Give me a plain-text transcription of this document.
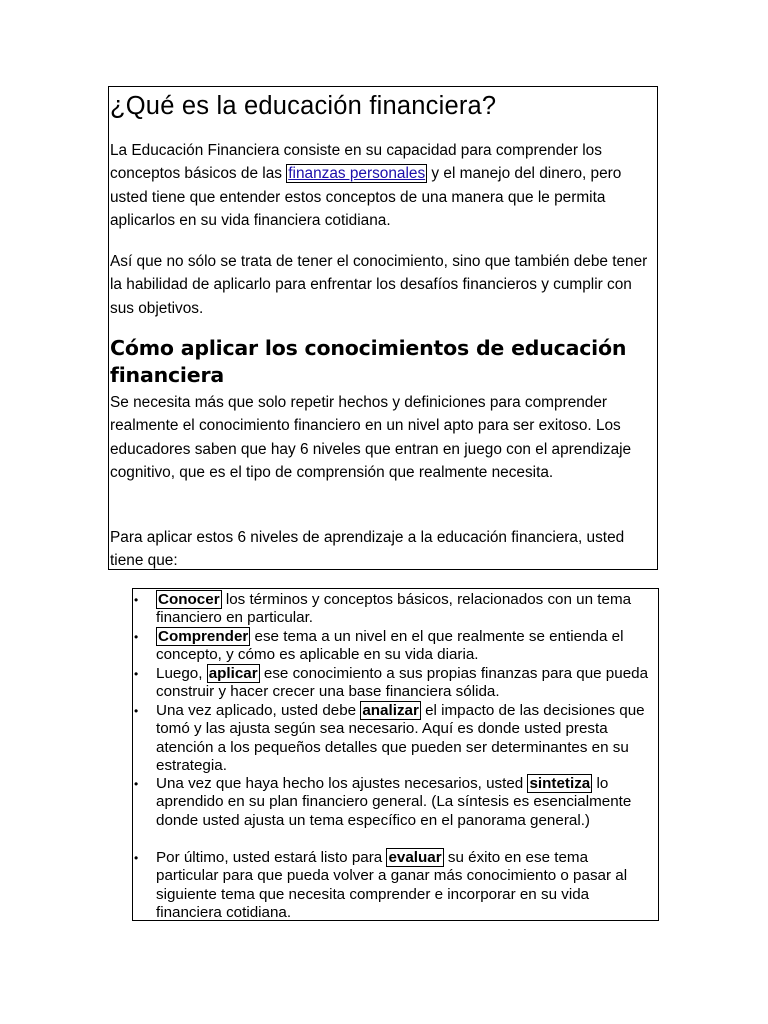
¿Qué es la educación financiera?

La Educación Financiera consiste en su capacidad para comprender los conceptos básicos de las finanzas personales y el manejo del dinero, pero usted tiene que entender estos conceptos de una manera que le permita aplicarlos en su vida financiera cotidiana.

Así que no sólo se trata de tener el conocimiento, sino que también debe tener la habilidad de aplicarlo para enfrentar los desafíos financieros y cumplir con sus objetivos.

Cómo aplicar los conocimientos de educación financiera

Se necesita más que solo repetir hechos y definiciones para comprender realmente el conocimiento financiero en un nivel apto para ser exitoso. Los educadores saben que hay 6 niveles que entran en juego con el aprendizaje cognitivo, que es el tipo de comprensión que realmente necesita.

Para aplicar estos 6 niveles de aprendizaje a la educación financiera, usted tiene que:

• Conocer los términos y conceptos básicos, relacionados con un tema financiero en particular.
• Comprender ese tema a un nivel en el que realmente se entienda el concepto, y cómo es aplicable en su vida diaria.
• Luego, aplicar ese conocimiento a sus propias finanzas para que pueda construir y hacer crecer una base financiera sólida.
• Una vez aplicado, usted debe analizar el impacto de las decisiones que tomó y las ajusta según sea necesario. Aquí es donde usted presta atención a los pequeños detalles que pueden ser determinantes en su estrategia.
• Una vez que haya hecho los ajustes necesarios, usted sintetiza lo aprendido en su plan financiero general. (La síntesis es esencialmente donde usted ajusta un tema específico en el panorama general.)
• Por último, usted estará listo para evaluar su éxito en ese tema particular para que pueda volver a ganar más conocimiento o pasar al siguiente tema que necesita comprender e incorporar en su vida financiera cotidiana.
